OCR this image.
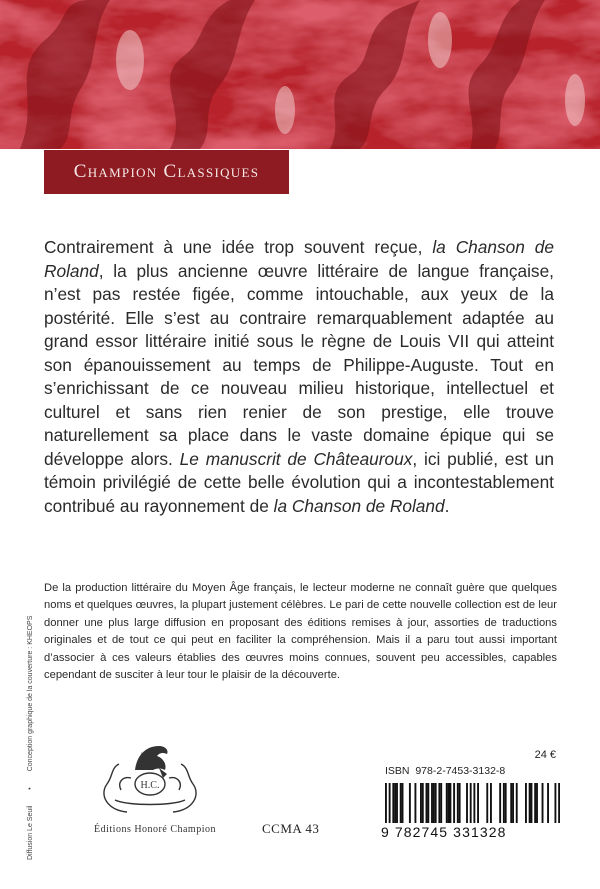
Champion Classiques

Contrairement à une idée trop souvent reçue, la Chanson de Roland, la plus ancienne œuvre littéraire de langue française, n’est pas restée figée, comme intouchable, aux yeux de la postérité. Elle s’est au contraire remarquablement adaptée au grand essor littéraire initié sous le règne de Louis VII qui atteint son épanouissement au temps de Philippe-Auguste. Tout en s’enrichissant de ce nouveau milieu historique, intellectuel et culturel et sans rien renier de son prestige, elle trouve naturellement sa place dans le vaste domaine épique qui se développe alors. Le manuscrit de Châteauroux, ici publié, est un témoin privilégié de cette belle évolution qui a incontestablement contribué au rayonnement de la Chanson de Roland.

De la production littéraire du Moyen Âge français, le lecteur moderne ne connaît guère que quelques noms et quelques œuvres, la plupart justement célèbres. Le pari de cette nouvelle collection est de leur donner une plus large diffusion en proposant des éditions remises à jour, assorties de traductions originales et de tout ce qui peut en faciliter la compréhension. Mais il a paru tout aussi important d’associer à ces valeurs établies des œuvres moins connues, souvent peu accessibles, capables cependant de susciter à leur tour le plaisir de la découverte.

Diffusion Le Seuil • Conception graphique de la couverture : KHEOPS
H.C.
Éditions Honoré Champion	CCMA 43
24 €
ISBN  978-2-7453-3132-8
9 782745 331328
